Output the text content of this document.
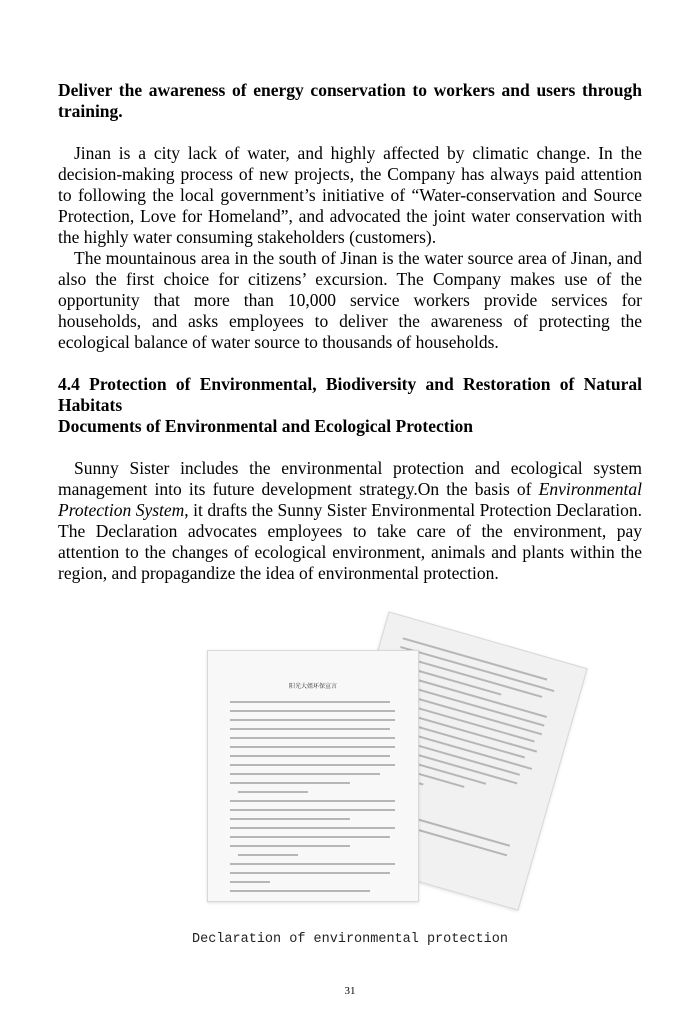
Deliver the awareness of energy conservation to workers and users through training.

Jinan is a city lack of water, and highly affected by climatic change. In the decision-making process of new projects, the Company has always paid attention to following the local government’s initiative of “Water-conservation and Source Protection, Love for Homeland”, and advocated the joint water conservation with the highly water consuming stakeholders (customers).

The mountainous area in the south of Jinan is the water source area of Jinan, and also the first choice for citizens’ excursion. The Company makes use of the opportunity that more than 10,000 service workers provide services for households, and asks employees to deliver the awareness of protecting the ecological balance of water source to thousands of households.

4.4 Protection of Environmental, Biodiversity and Restoration of Natural Habitats

Documents of Environmental and Ecological Protection

Sunny Sister includes the environmental protection and ecological system management into its future development strategy.On the basis of Environmental Protection System, it drafts the Sunny Sister Environmental Protection Declaration. The Declaration advocates employees to take care of the environment, pay attention to the changes of ecological environment, animals and plants within the region, and propagandize the idea of environmental protection.

阳光大姐环保宣言
Declaration of environmental protection
31
